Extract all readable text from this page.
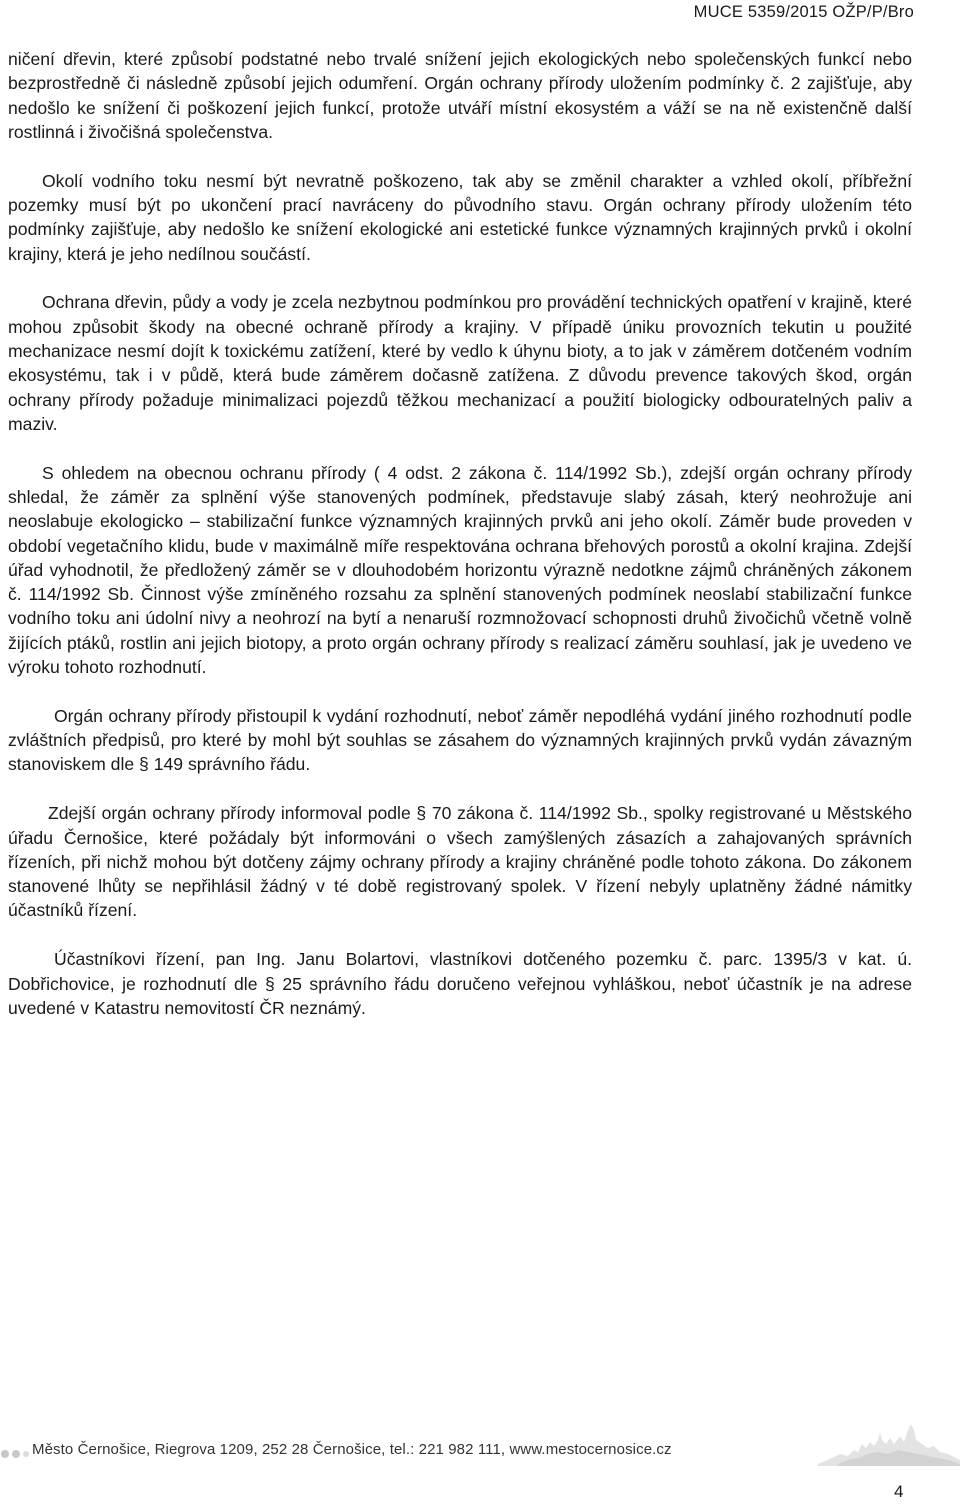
MUCE 5359/2015 OŽP/P/Bro

ničení dřevin, které způsobí podstatné nebo trvalé snížení jejich ekologických nebo společenských funkcí nebo bezprostředně či následně způsobí jejich odumření. Orgán ochrany přírody uložením podmínky č. 2 zajišťuje, aby nedošlo ke snížení či poškození jejich funkcí, protože utváří místní ekosystém a váží se na ně existenčně další rostlinná i živočišná společenstva.

Okolí vodního toku nesmí být nevratně poškozeno, tak aby se změnil charakter a vzhled okolí, příbřežní pozemky musí být po ukončení prací navráceny do původního stavu. Orgán ochrany přírody uložením této podmínky zajišťuje, aby nedošlo ke snížení ekologické ani estetické funkce významných krajinných prvků i okolní krajiny, která je jeho nedílnou součástí.

Ochrana dřevin, půdy a vody je zcela nezbytnou podmínkou pro provádění technických opatření v krajině, které mohou způsobit škody na obecné ochraně přírody a krajiny. V případě úniku provozních tekutin u použité mechanizace nesmí dojít k toxickému zatížení, které by vedlo k úhynu bioty, a to jak v záměrem dotčeném vodním ekosystému, tak i v půdě, která bude záměrem dočasně zatížena. Z důvodu prevence takových škod, orgán ochrany přírody požaduje minimalizaci pojezdů těžkou mechanizací a použití biologicky odbouratelných paliv a maziv.

S ohledem na obecnou ochranu přírody ( 4 odst. 2 zákona č. 114/1992 Sb.), zdejší orgán ochrany přírody shledal, že záměr za splnění výše stanovených podmínek, představuje slabý zásah, který neohrožuje ani neoslabuje ekologicko – stabilizační funkce významných krajinných prvků ani jeho okolí. Záměr bude proveden v období vegetačního klidu, bude v maximálně míře respektována ochrana břehových porostů a okolní krajina. Zdejší úřad vyhodnotil, že předložený záměr se v dlouhodobém horizontu výrazně nedotkne zájmů chráněných zákonem č. 114/1992 Sb. Činnost výše zmíněného rozsahu za splnění stanovených podmínek neoslabí stabilizační funkce vodního toku ani údolní nivy a neohrozí na bytí a nenaruší rozmnožovací schopnosti druhů živočichů včetně volně žijících ptáků, rostlin ani jejich biotopy, a proto orgán ochrany přírody s realizací záměru souhlasí, jak je uvedeno ve výroku tohoto rozhodnutí.

Orgán ochrany přírody přistoupil k vydání rozhodnutí, neboť záměr nepodléhá vydání jiného rozhodnutí podle zvláštních předpisů, pro které by mohl být souhlas se zásahem do významných krajinných prvků vydán závazným stanoviskem dle § 149 správního řádu.

Zdejší orgán ochrany přírody informoval podle § 70 zákona č. 114/1992 Sb., spolky registrované u Městského úřadu Černošice, které požádaly být informováni o všech zamýšlených zásazích a zahajovaných správních řízeních, při nichž mohou být dotčeny zájmy ochrany přírody a krajiny chráněné podle tohoto zákona. Do zákonem stanovené lhůty se nepřihlásil žádný v té době registrovaný spolek. V řízení nebyly uplatněny žádné námitky účastníků řízení.

Účastníkovi řízení, pan Ing. Janu Bolartovi, vlastníkovi dotčeného pozemku č. parc. 1395/3 v kat. ú. Dobřichovice, je rozhodnutí dle § 25 správního řádu doručeno veřejnou vyhláškou, neboť účastník je na adrese uvedené v Katastru nemovitostí ČR neznámý.

Město Černošice, Riegrova 1209, 252 28 Černošice, tel.: 221 982 111, www.mestocernosice.cz
4
